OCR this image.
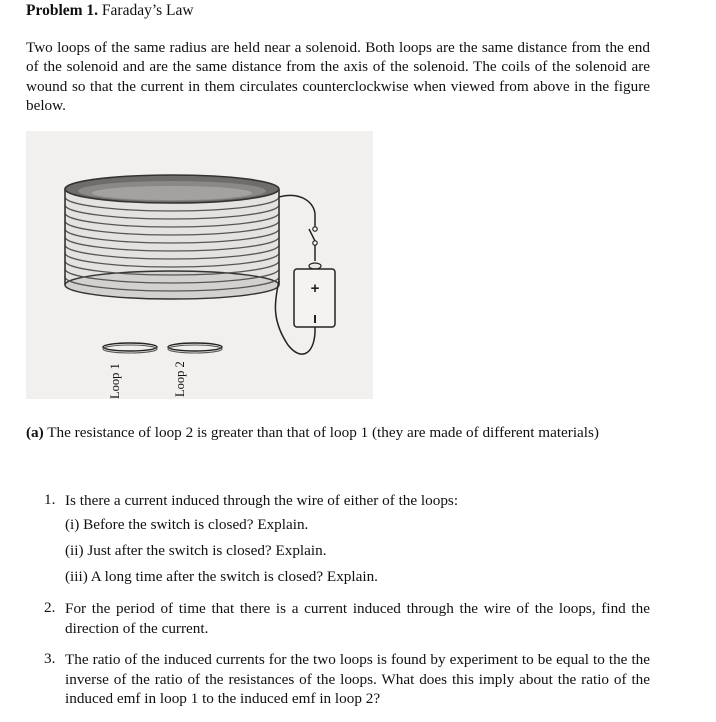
Problem 1. Faraday’s Law
Two loops of the same radius are held near a solenoid. Both loops are the same distance from the end of the solenoid and are the same distance from the axis of the solenoid. The coils of the solenoid are wound so that the current in them circulates counterclockwise when viewed from above in the figure below.
+
Loop 1	Loop 2
(a) The resistance of loop 2 is greater than that of loop 1 (they are made of different materials)
1. Is there a current induced through the wire of either of the loops:
(i) Before the switch is closed? Explain.
(ii) Just after the switch is closed? Explain.
(iii) A long time after the switch is closed? Explain.
2. For the period of time that there is a current induced through the wire of the loops, find the direction of the current.
3. The ratio of the induced currents for the two loops is found by experiment to be equal to the the inverse of the ratio of the resistances of the loops. What does this imply about the ratio of the induced emf in loop 1 to the induced emf in loop 2?
